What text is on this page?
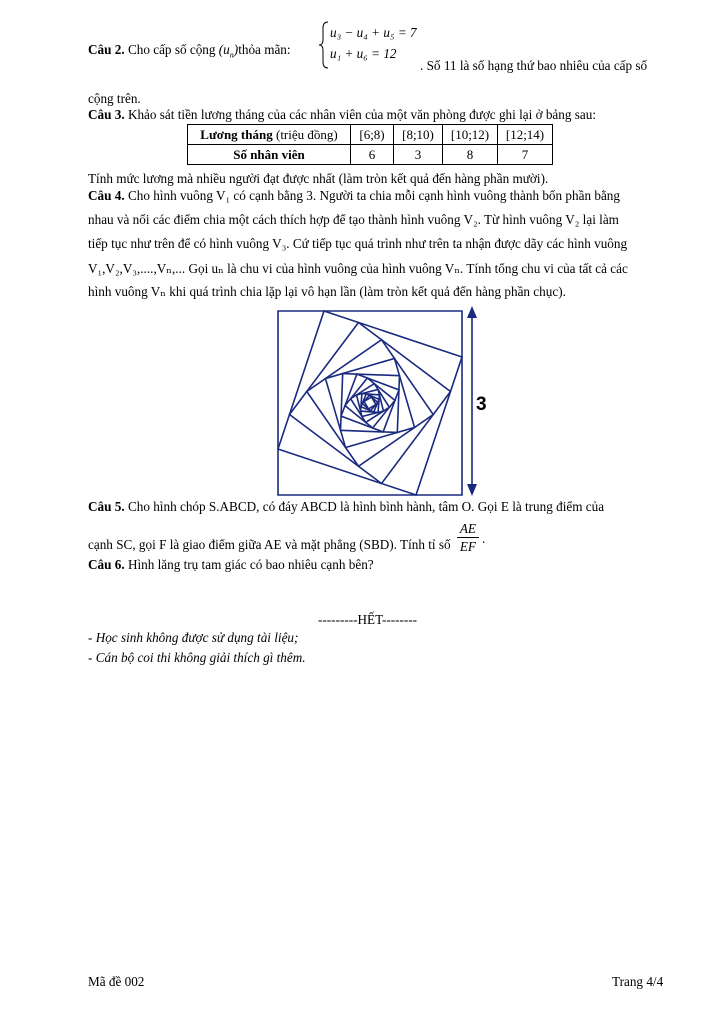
Câu 2. Cho cấp số cộng $(u_n)thỏa$ mãn:
u₃ − u₄ + u₅ = 7
u₁ + u₆ = 12
. Số 11 là số hạng thứ bao nhiêu của cấp số
cộng trên.
Câu 3. Khảo sát tiền lương tháng của các nhân viên của một văn phòng được ghi lại ở bảng sau:
Lương tháng (triệu đồng)	[6;8)	[8;10)	[10;12)	[12;14)
Số nhân viên	6	3	8	7
Tính mức lương mà nhiều người đạt được nhất (làm tròn kết quả đến hàng phần mười).
Câu 4. Cho hình vuông V₁ có cạnh bằng 3. Người ta chia mỗi cạnh hình vuông thành bốn phần bằng
nhau và nối các điểm chia một cách thích hợp để tạo thành hình vuông V₂. Từ hình vuông V₂ lại làm
tiếp tục như trên để có hình vuông V₃. Cứ tiếp tục quá trình như trên ta nhận được dãy các hình vuông
V₁,V₂,V₃,....,Vₙ,... Gọi uₙ là chu vi của hình vuông của hình vuông Vₙ. Tính tổng chu vi của tất cả các
hình vuông Vₙ khi quá trình chia lặp lại vô hạn lần (làm tròn kết quả đến hàng phần chục).
3
Câu 5. Cho hình chóp S.ABCD, có đáy ABCD là hình bình hành, tâm O. Gọi E là trung điểm của
cạnh SC, gọi F là giao điểm giữa AE và mặt phẳng (SBD). Tính tỉ số $\frac{AE}{EF}$ .
Câu 6. Hình lăng trụ tam giác có bao nhiêu cạnh bên?
---------HẾT--------
- Học sinh không được sử dụng tài liệu;
- Cán bộ coi thi không giải thích gì thêm.
Mã đề 002	Trang 4/4
